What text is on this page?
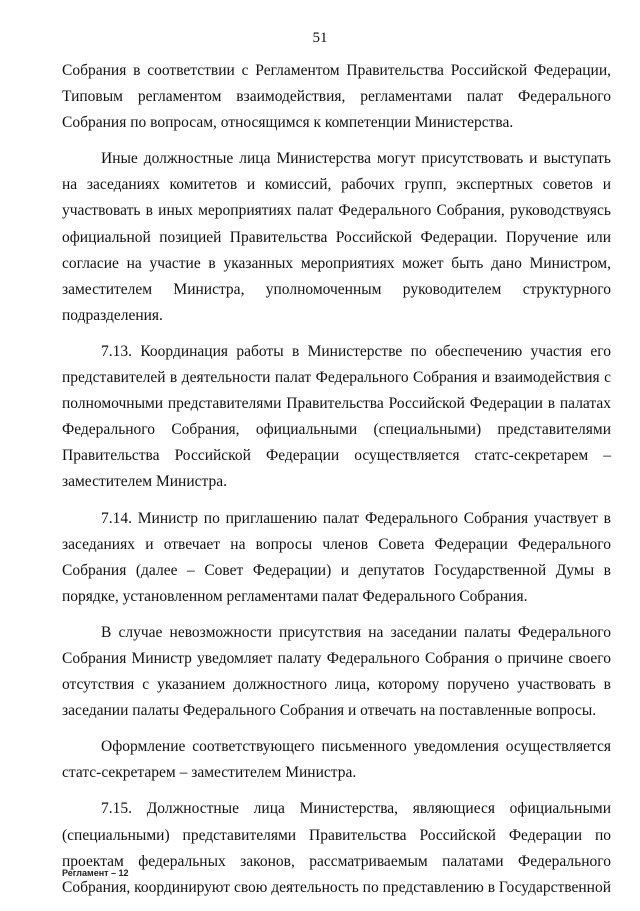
51

Собрания в соответствии с Регламентом Правительства Российской Федерации, Типовым регламентом взаимодействия, регламентами палат Федерального Собрания по вопросам, относящимся к компетенции Министерства.

Иные должностные лица Министерства могут присутствовать и выступать на заседаниях комитетов и комиссий, рабочих групп, экспертных советов и участвовать в иных мероприятиях палат Федерального Собрания, руководствуясь официальной позицией Правительства Российской Федерации. Поручение или согласие на участие в указанных мероприятиях может быть дано Министром, заместителем Министра, уполномоченным руководителем структурного подразделения.

7.13. Координация работы в Министерстве по обеспечению участия его представителей в деятельности палат Федерального Собрания и взаимодействия с полномочными представителями Правительства Российской Федерации в палатах Федерального Собрания, официальными (специальными) представителями Правительства Российской Федерации осуществляется статс-секретарем – заместителем Министра.

7.14. Министр по приглашению палат Федерального Собрания участвует в заседаниях и отвечает на вопросы членов Совета Федерации Федерального Собрания (далее – Совет Федерации) и депутатов Государственной Думы в порядке, установленном регламентами палат Федерального Собрания.

В случае невозможности присутствия на заседании палаты Федерального Собрания Министр уведомляет палату Федерального Собрания о причине своего отсутствия с указанием должностного лица, которому поручено участвовать в заседании палаты Федерального Собрания и отвечать на поставленные вопросы.

Оформление соответствующего письменного уведомления осуществляется статс-секретарем – заместителем Министра.

7.15. Должностные лица Министерства, являющиеся официальными (специальными) представителями Правительства Российской Федерации по проектам федеральных законов, рассматриваемым палатами Федерального Собрания, координируют свою деятельность по представлению в Государственной

Регламент – 12
